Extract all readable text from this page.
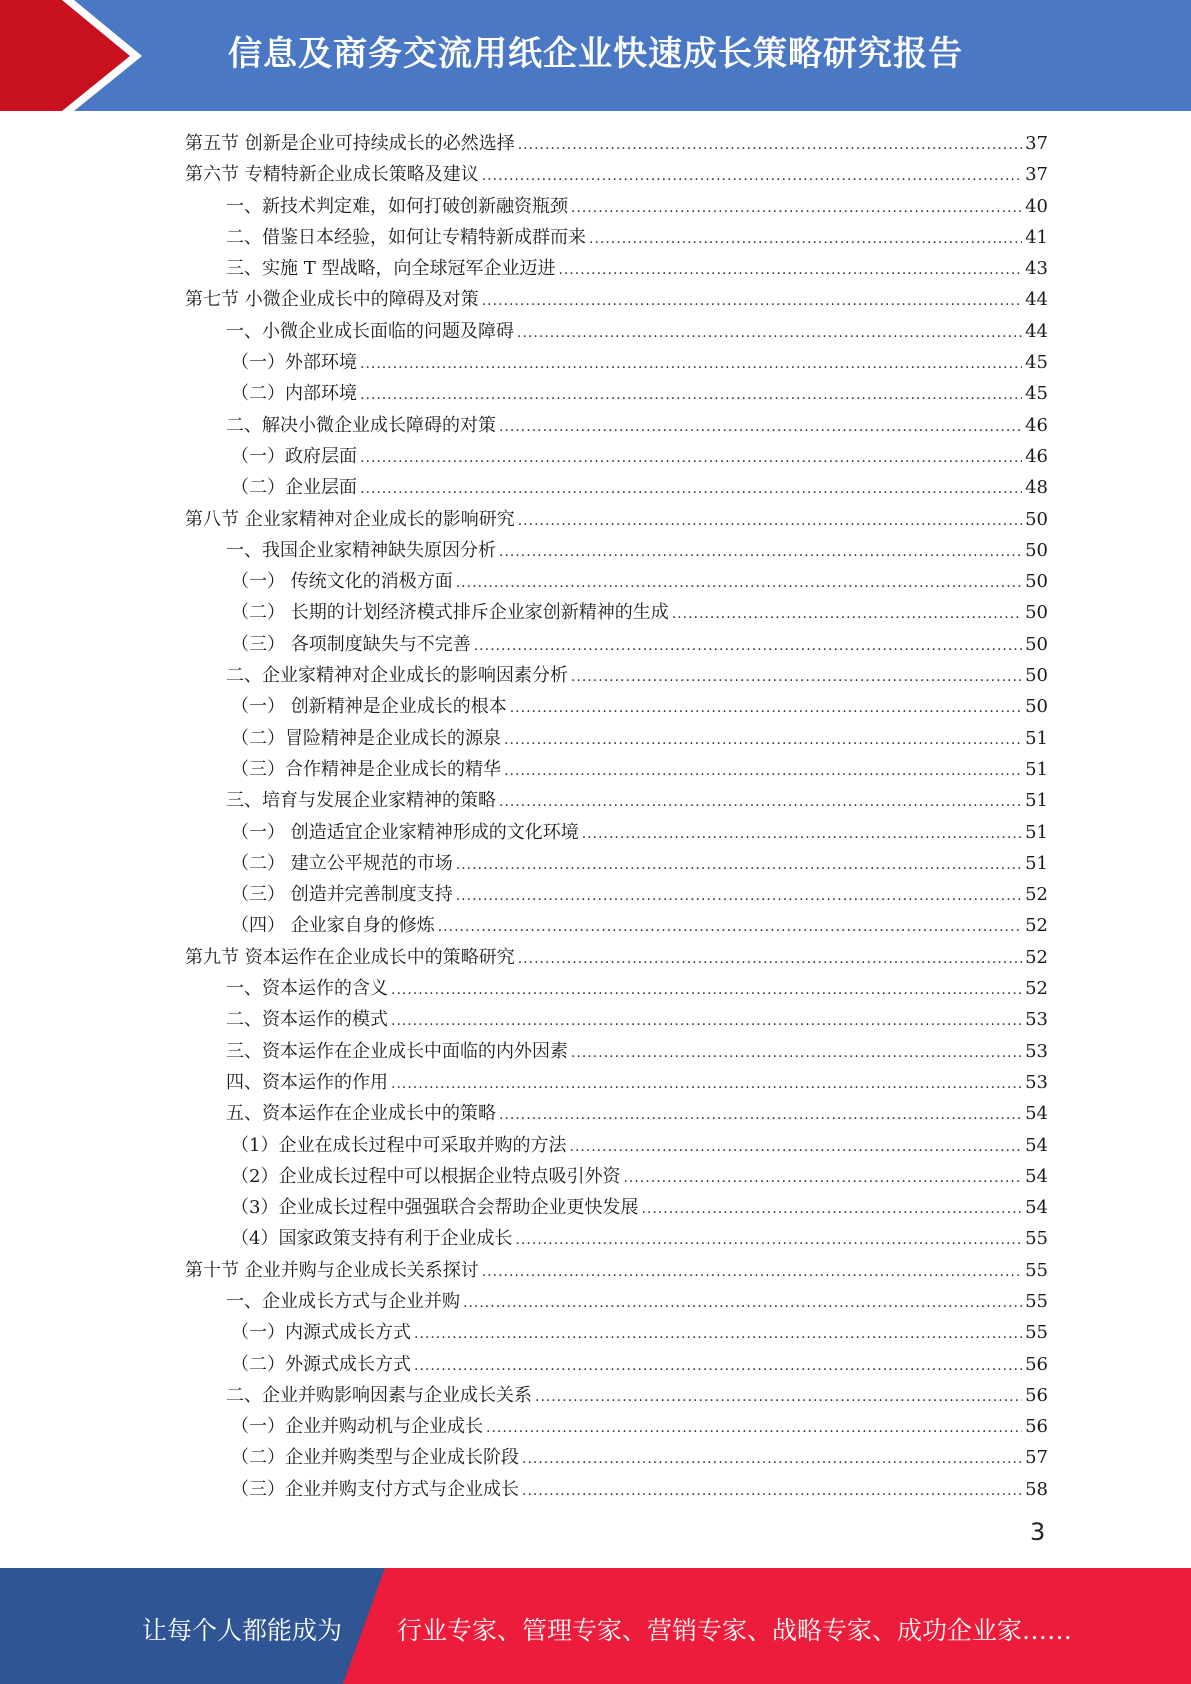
信息及商务交流用纸企业快速成长策略研究报告
第五节 创新是企业可持续成长的必然选择 .....	37
第六节 专精特新企业成长策略及建议 .....	37
一、新技术判定难，如何打破创新融资瓶颈 .....	40
二、借鉴日本经验，如何让专精特新成群而来 .....	41
三、实施 T 型战略，向全球冠军企业迈进 .....	43
第七节 小微企业成长中的障碍及对策 .....	44
一、小微企业成长面临的问题及障碍 .....	44
（一）外部环境 .....	45
（二）内部环境 .....	45
二、解决小微企业成长障碍的对策 .....	46
（一）政府层面 .....	46
（二）企业层面 .....	48
第八节 企业家精神对企业成长的影响研究 .....	50
一、我国企业家精神缺失原因分析 .....	50
（一） 传统文化的消极方面 .....	50
（二） 长期的计划经济模式排斥企业家创新精神的生成 .....	50
（三） 各项制度缺失与不完善 .....	50
二、企业家精神对企业成长的影响因素分析 .....	50
（一） 创新精神是企业成长的根本 .....	50
（二）冒险精神是企业成长的源泉 .....	51
（三）合作精神是企业成长的精华 .....	51
三、培育与发展企业家精神的策略 .....	51
（一） 创造适宜企业家精神形成的文化环境 .....	51
（二） 建立公平规范的市场 .....	51
（三） 创造并完善制度支持 .....	52
（四） 企业家自身的修炼 .....	52
第九节 资本运作在企业成长中的策略研究 .....	52
一、资本运作的含义 .....	52
二、资本运作的模式 .....	53
三、资本运作在企业成长中面临的内外因素 .....	53
四、资本运作的作用 .....	53
五、资本运作在企业成长中的策略 .....	54
（1）企业在成长过程中可采取并购的方法 .....	54
（2）企业成长过程中可以根据企业特点吸引外资 .....	54
（3）企业成长过程中强强联合会帮助企业更快发展 .....	54
（4）国家政策支持有利于企业成长 .....	55
第十节 企业并购与企业成长关系探讨 .....	55
一、企业成长方式与企业并购 .....	55
（一）内源式成长方式 .....	55
（二）外源式成长方式 .....	56
二、企业并购影响因素与企业成长关系 .....	56
（一）企业并购动机与企业成长 .....	56
（二）企业并购类型与企业成长阶段 .....	57
（三）企业并购支付方式与企业成长 .....	58
3
让每个人都能成为 行业专家、管理专家、营销专家、战略专家、成功企业家……
